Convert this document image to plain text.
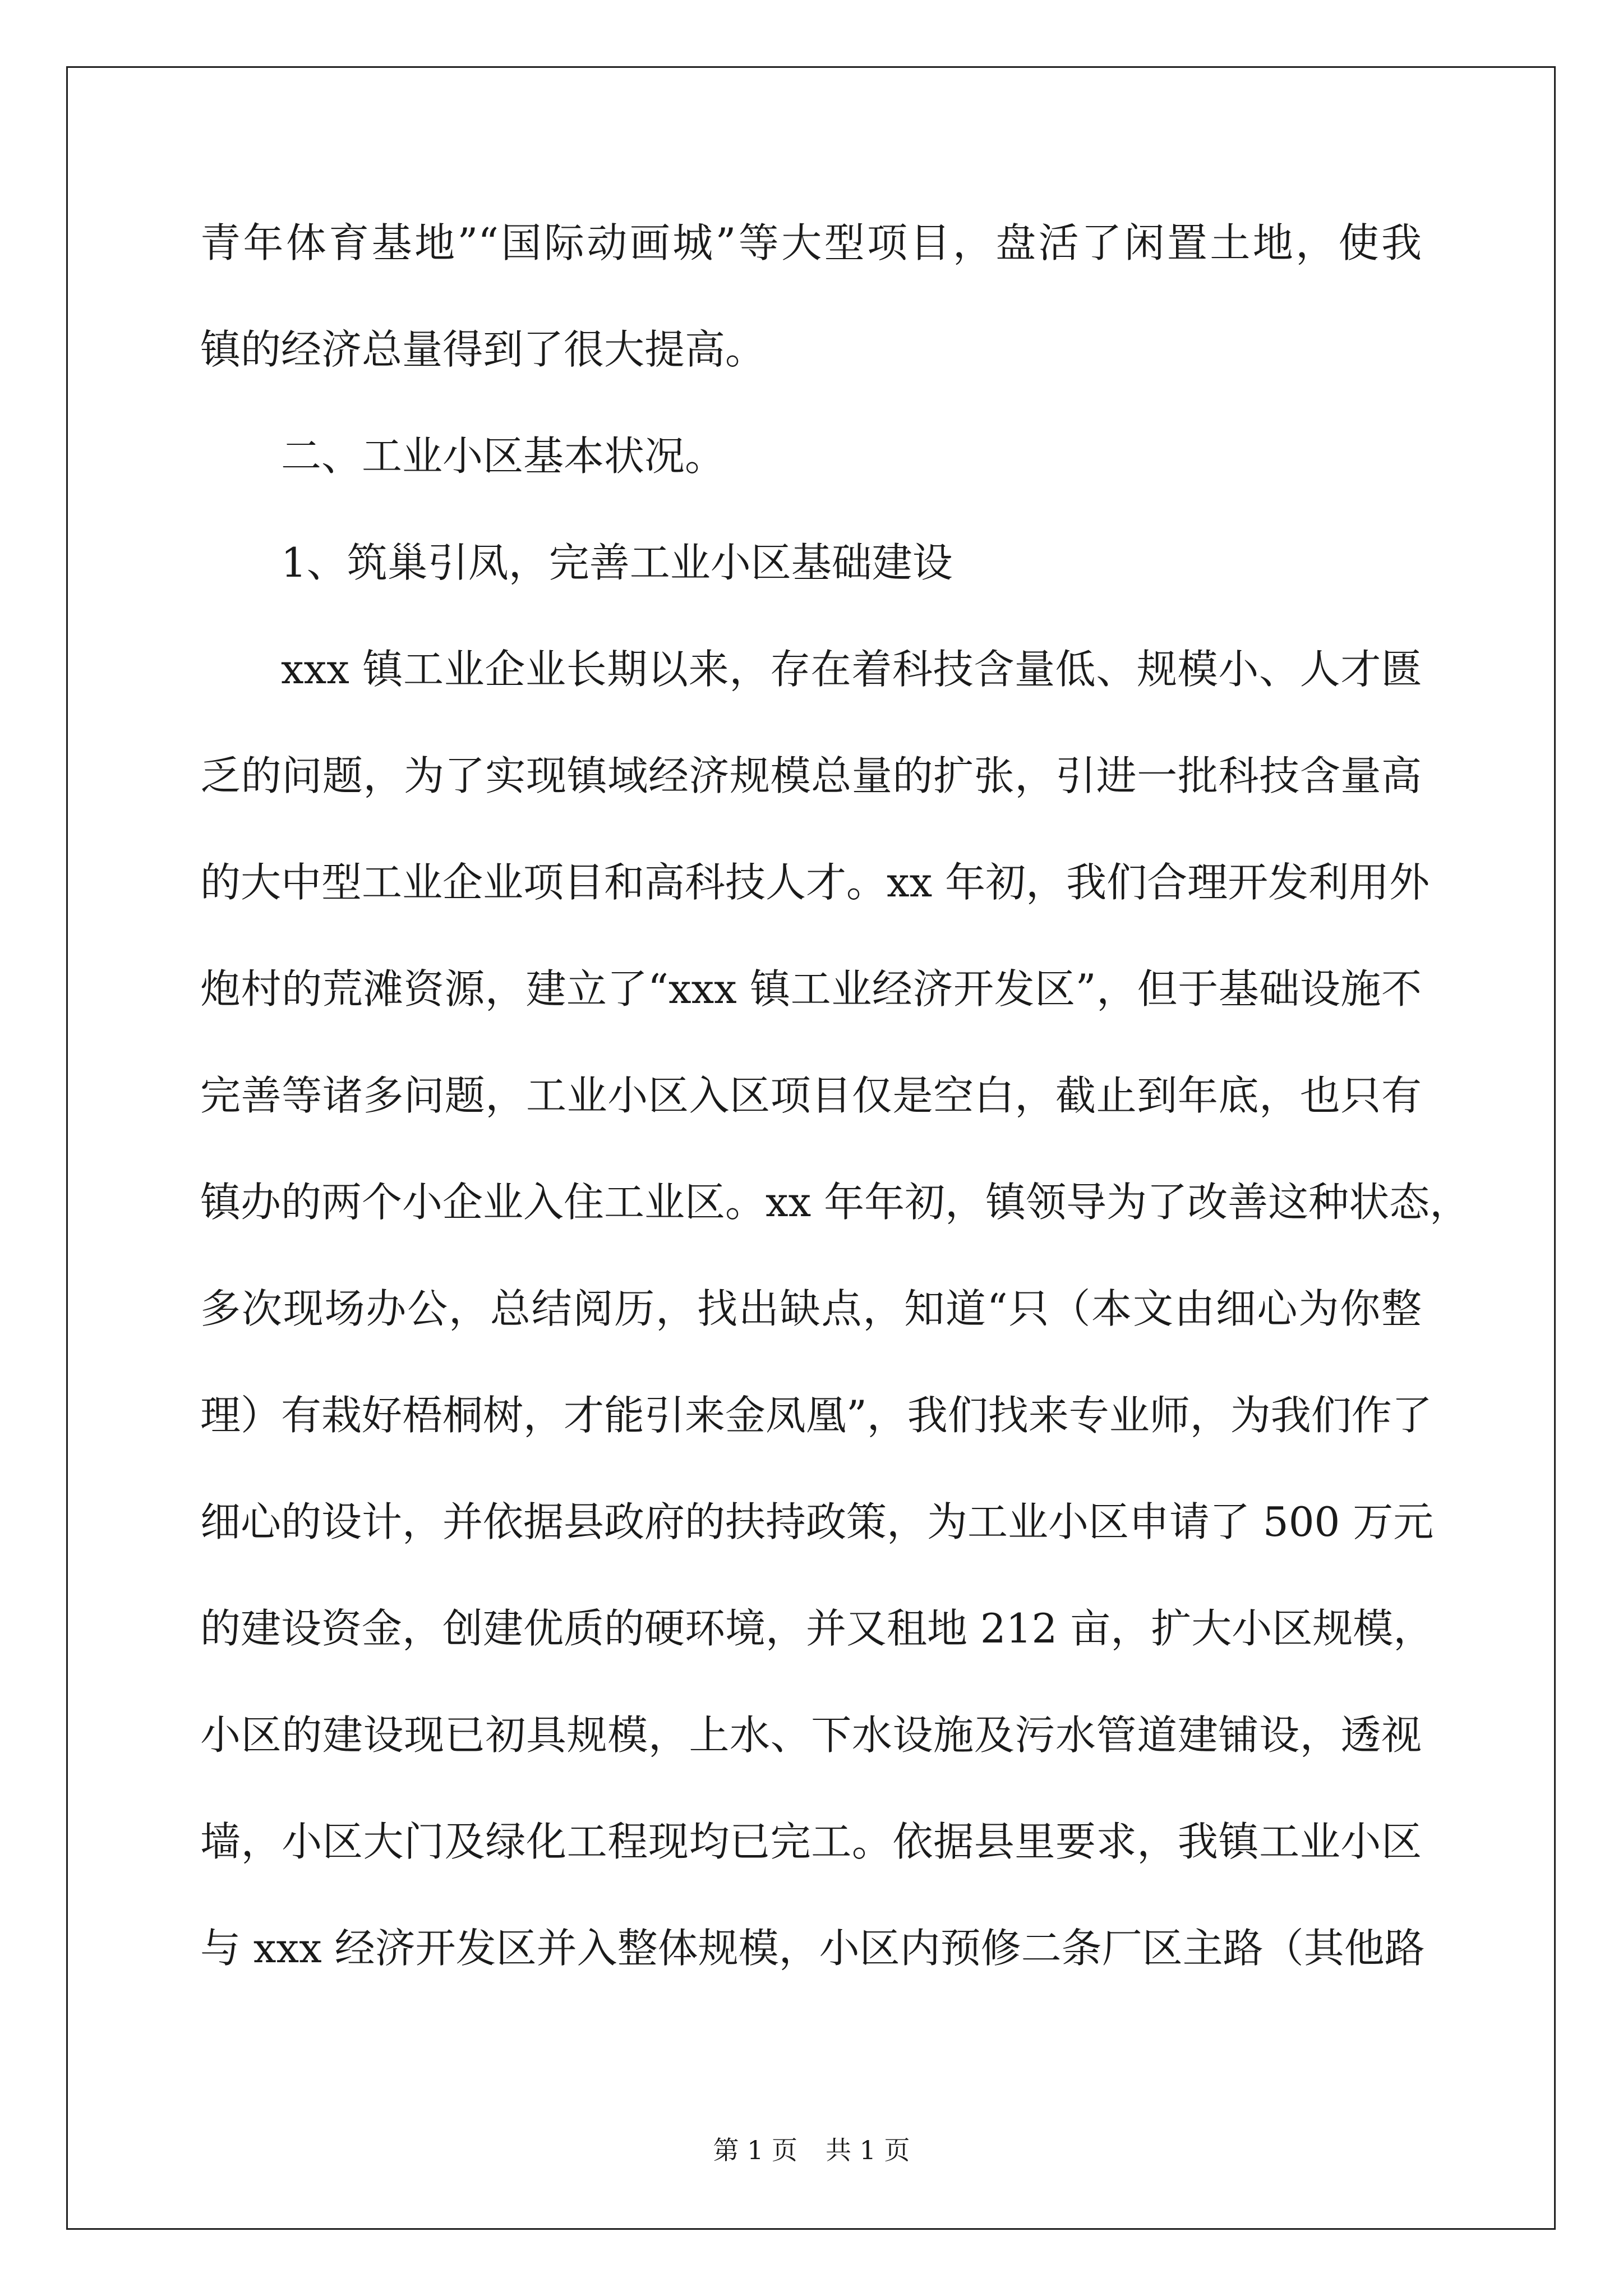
青年体育基地”“国际动画城”等大型项目，盘活了闲置土地，使我
镇的经济总量得到了很大提高。
二、工业小区基本状况。
1、筑巢引凤，完善工业小区基础建设
xxx 镇工业企业长期以来，存在着科技含量低、规模小、人才匮
乏的问题，为了实现镇域经济规模总量的扩张，引进一批科技含量高
的大中型工业企业项目和高科技人才。xx 年初，我们合理开发利用外
炮村的荒滩资源，建立了“xxx 镇工业经济开发区”，但于基础设施不
完善等诸多问题，工业小区入区项目仅是空白，截止到年底，也只有
镇办的两个小企业入住工业区。xx 年年初，镇领导为了改善这种状态，
多次现场办公，总结阅历，找出缺点，知道“只（本文由细心为你整
理）有栽好梧桐树，才能引来金凤凰”，我们找来专业师，为我们作了
细心的设计，并依据县政府的扶持政策，为工业小区申请了 500 万元
的建设资金，创建优质的硬环境，并又租地 212 亩，扩大小区规模，
小区的建设现已初具规模，上水、下水设施及污水管道建铺设，透视
墙，小区大门及绿化工程现均已完工。依据县里要求，我镇工业小区
与 xxx 经济开发区并入整体规模，小区内预修二条厂区主路（其他路
第 1 页 共 1 页
